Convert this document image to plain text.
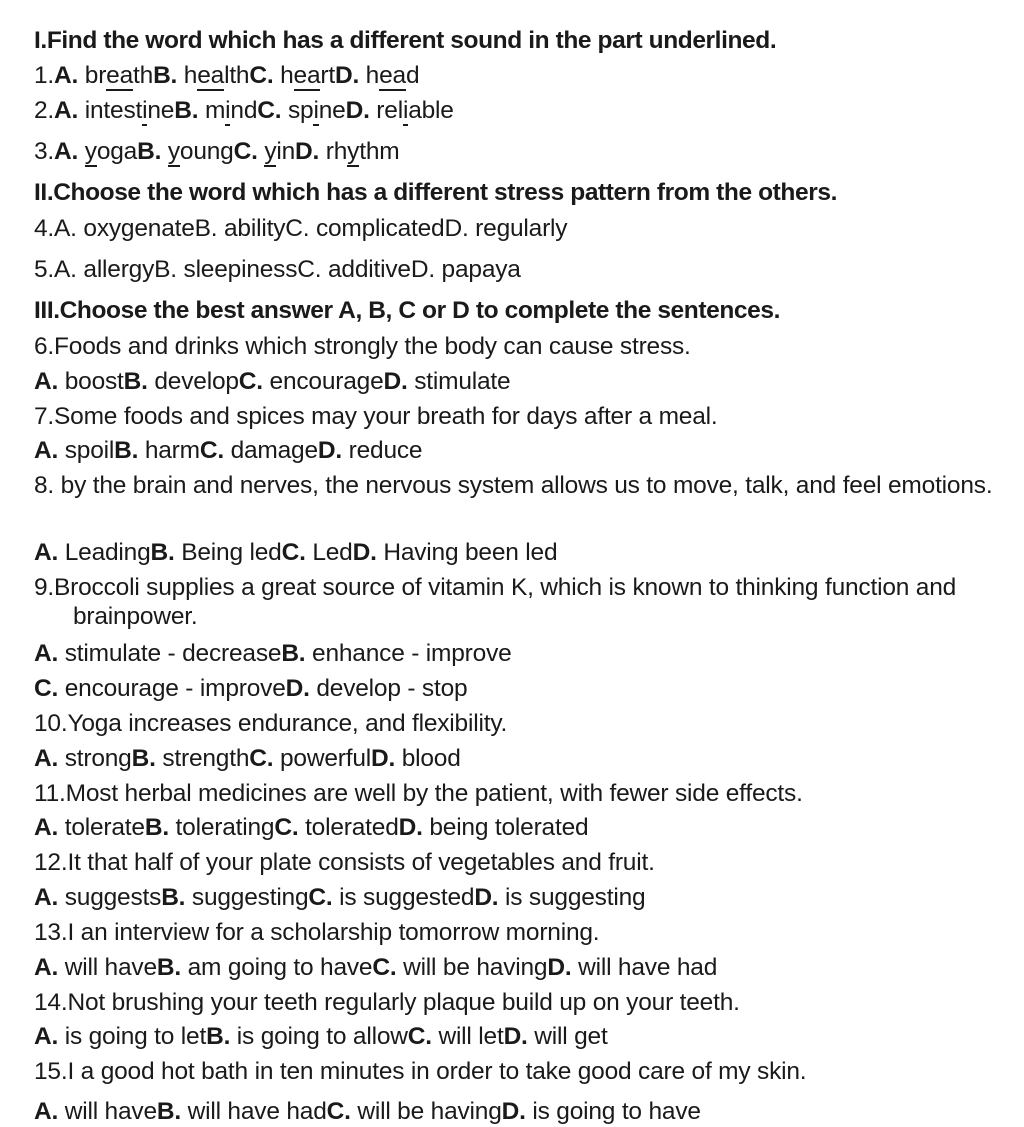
I.Find the word which has a different sound in the part underlined.
1.A. breathB. healthC. heartD. head
2.A. intestineB. mindC. spineD. reliable
3.A. yogaB. youngC. yinD. rhythm
II.Choose the word which has a different stress pattern from the others.
4.A. oxygenateB. abilityC. complicatedD. regularly
5.A. allergyB. sleepinessC. additiveD. papaya
III.Choose the best answer A, B, C or D to complete the sentences.
6.Foods and drinks which strongly the body can cause stress.
A. boostB. developC. encourageD. stimulate
7.Some foods and spices may your breath for days after a meal.
A. spoilB. harmC. damageD. reduce
8. by the brain and nerves, the nervous system allows us to move, talk, and feel emotions.
A. LeadingB. Being ledC. LedD. Having been led
9.Broccoli supplies a great source of vitamin K, which is known to thinking function and brainpower.
A. stimulate - decreaseB. enhance - improve
C. encourage - improveD. develop - stop
10.Yoga increases endurance, and flexibility.
A. strongB. strengthC. powerfulD. blood
11.Most herbal medicines are well by the patient, with fewer side effects.
A. tolerateB. toleratingC. toleratedD. being tolerated
12.It that half of your plate consists of vegetables and fruit.
A. suggestsB. suggestingC. is suggestedD. is suggesting
13.I an interview for a scholarship tomorrow morning.
A. will haveB. am going to haveC. will be havingD. will have had
14.Not brushing your teeth regularly plaque build up on your teeth.
A. is going to letB. is going to allowC. will letD. will get
15.I a good hot bath in ten minutes in order to take good care of my skin.
A. will haveB. will have hadC. will be havingD. is going to have
